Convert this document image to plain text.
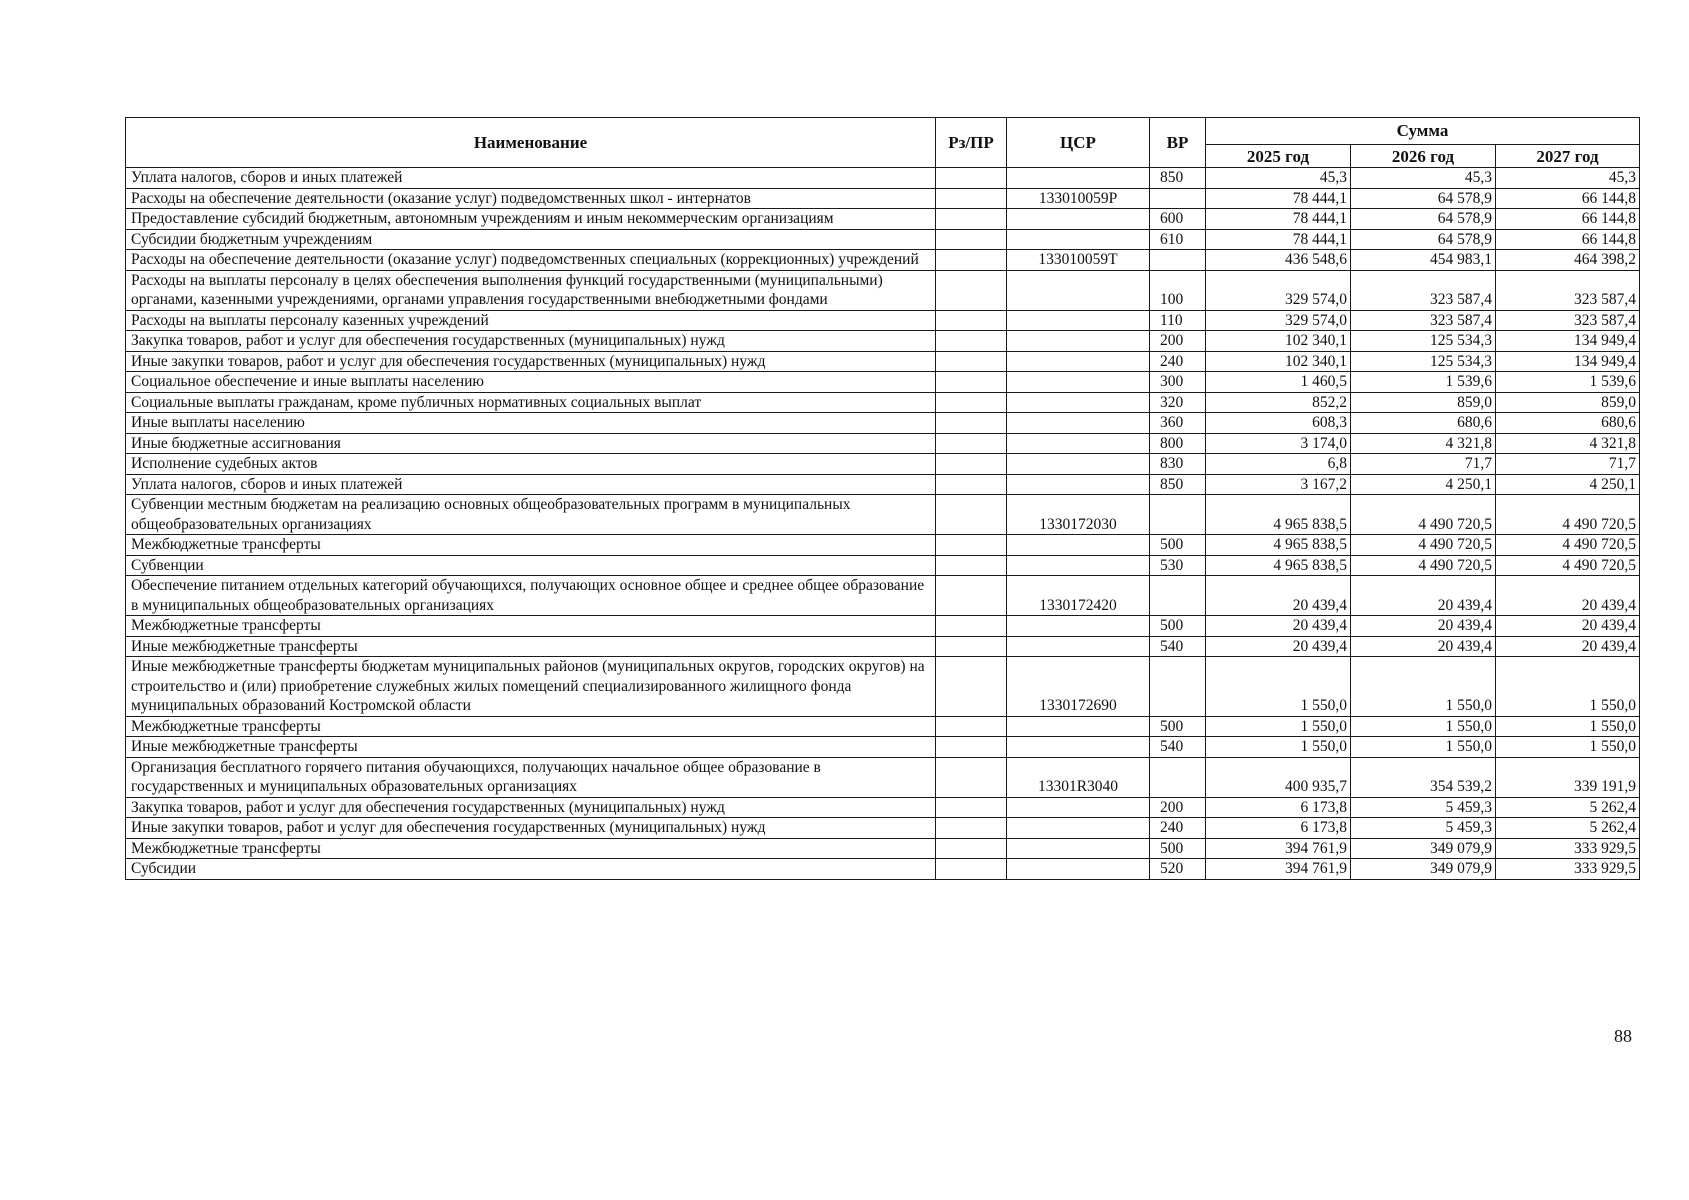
Наименование	Рз/ПР	ЦСР	ВР	Сумма		
				2025 год	2026 год	2027 год
Уплата налогов, сборов и иных платежей			850	45,3	45,3	45,3
Расходы на обеспечение деятельности (оказание услуг) подведомственных школ - интернатов		133010059Р		78 444,1	64 578,9	66 144,8
Предоставление субсидий бюджетным, автономным учреждениям и иным некоммерческим организациям			600	78 444,1	64 578,9	66 144,8
Субсидии бюджетным учреждениям			610	78 444,1	64 578,9	66 144,8
Расходы на обеспечение деятельности (оказание услуг) подведомственных специальных (коррекционных) учреждений		133010059Т		436 548,6	454 983,1	464 398,2
Расходы на выплаты персоналу в целях обеспечения выполнения функций государственными (муниципальными) органами, казенными учреждениями, органами управления государственными внебюджетными фондами			100	329 574,0	323 587,4	323 587,4
Расходы на выплаты персоналу казенных учреждений			110	329 574,0	323 587,4	323 587,4
Закупка товаров, работ и услуг для обеспечения государственных (муниципальных) нужд			200	102 340,1	125 534,3	134 949,4
Иные закупки товаров, работ и услуг для обеспечения государственных (муниципальных) нужд			240	102 340,1	125 534,3	134 949,4
Социальное обеспечение и иные выплаты населению			300	1 460,5	1 539,6	1 539,6
Социальные выплаты гражданам, кроме публичных нормативных социальных выплат			320	852,2	859,0	859,0
Иные выплаты населению			360	608,3	680,6	680,6
Иные бюджетные ассигнования			800	3 174,0	4 321,8	4 321,8
Исполнение судебных актов			830	6,8	71,7	71,7
Уплата налогов, сборов и иных платежей			850	3 167,2	4 250,1	4 250,1
Субвенции местным бюджетам на реализацию основных общеобразовательных программ в муниципальных общеобразовательных организациях		1330172030		4 965 838,5	4 490 720,5	4 490 720,5
Межбюджетные трансферты			500	4 965 838,5	4 490 720,5	4 490 720,5
Субвенции			530	4 965 838,5	4 490 720,5	4 490 720,5
Обеспечение питанием отдельных категорий обучающихся, получающих основное общее и среднее общее образование в муниципальных общеобразовательных организациях		1330172420		20 439,4	20 439,4	20 439,4
Межбюджетные трансферты			500	20 439,4	20 439,4	20 439,4
Иные межбюджетные трансферты			540	20 439,4	20 439,4	20 439,4
Иные межбюджетные трансферты бюджетам муниципальных районов (муниципальных округов, городских округов) на строительство и (или) приобретение служебных жилых помещений специализированного жилищного фонда муниципальных образований Костромской области		1330172690		1 550,0	1 550,0	1 550,0
Межбюджетные трансферты			500	1 550,0	1 550,0	1 550,0
Иные межбюджетные трансферты			540	1 550,0	1 550,0	1 550,0
Организация бесплатного горячего питания обучающихся, получающих начальное общее образование в государственных и муниципальных образовательных организациях		13301R3040		400 935,7	354 539,2	339 191,9
Закупка товаров, работ и услуг для обеспечения государственных (муниципальных) нужд			200	6 173,8	5 459,3	5 262,4
Иные закупки товаров, работ и услуг для обеспечения государственных (муниципальных) нужд			240	6 173,8	5 459,3	5 262,4
Межбюджетные трансферты			500	394 761,9	349 079,9	333 929,5
Субсидии			520	394 761,9	349 079,9	333 929,5
88
